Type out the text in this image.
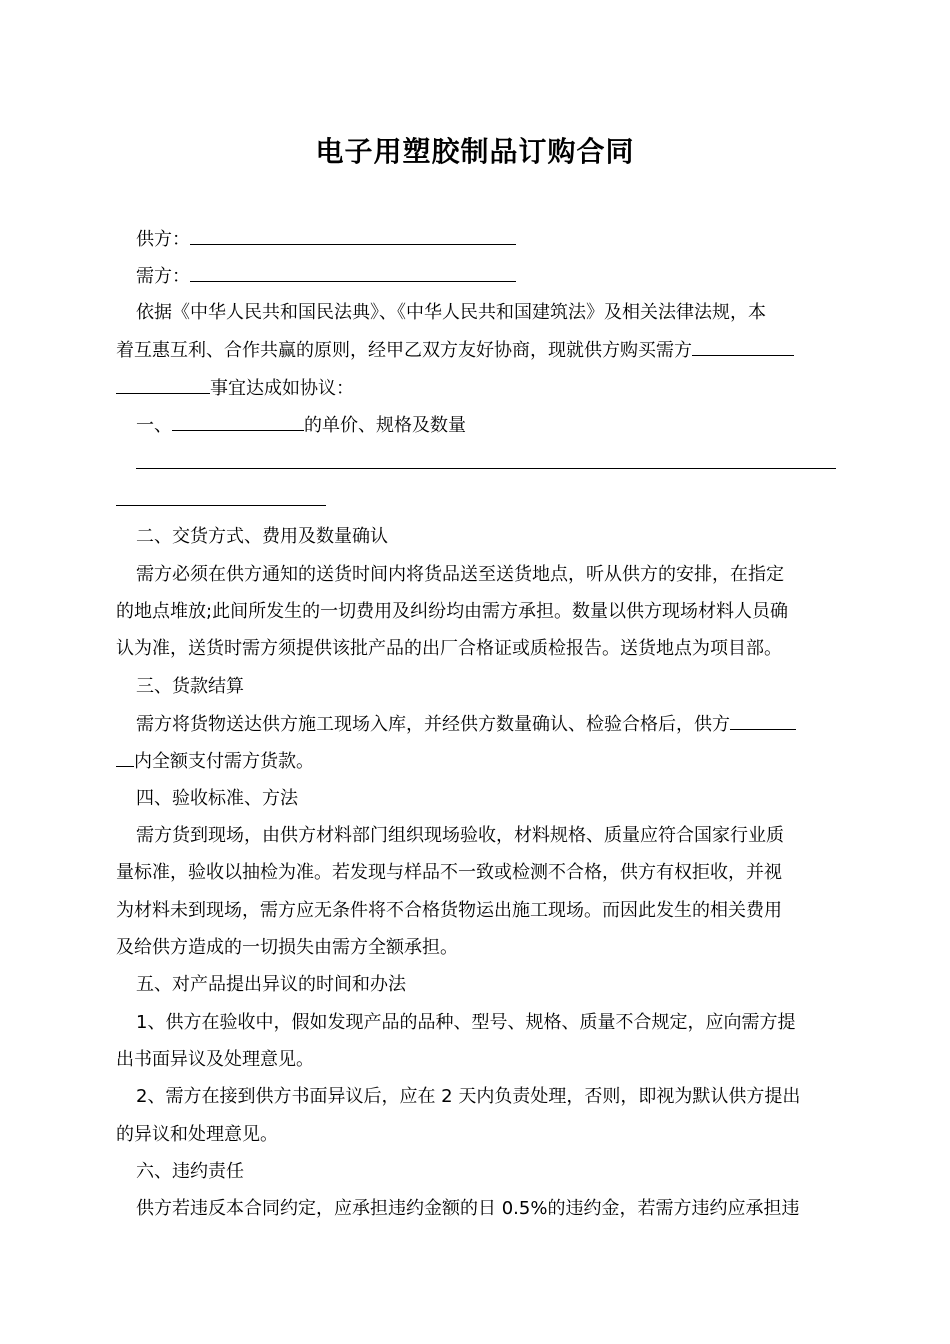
电子用塑胶制品订购合同
供方：
需方：
依据《中华人民共和国民法典》、《中华人民共和国建筑法》及相关法律法规，本
着互惠互利、合作共赢的原则，经甲乙双方友好协商，现就供方购买需方
事宜达成如协议：
一、	的单价、规格及数量
二、交货方式、费用及数量确认
需方必须在供方通知的送货时间内将货品送至送货地点，听从供方的安排，在指定
的地点堆放;此间所发生的一切费用及纠纷均由需方承担。数量以供方现场材料人员确
认为准，送货时需方须提供该批产品的出厂合格证或质检报告。送货地点为项目部。
三、货款结算
需方将货物送达供方施工现场入库，并经供方数量确认、检验合格后，供方
内全额支付需方货款。
四、验收标准、方法
需方货到现场，由供方材料部门组织现场验收，材料规格、质量应符合国家行业质
量标准，验收以抽检为准。若发现与样品不一致或检测不合格，供方有权拒收，并视
为材料未到现场，需方应无条件将不合格货物运出施工现场。而因此发生的相关费用
及给供方造成的一切损失由需方全额承担。
五、对产品提出异议的时间和办法
1、供方在验收中，假如发现产品的品种、型号、规格、质量不合规定，应向需方提
出书面异议及处理意见。
2、需方在接到供方书面异议后，应在 2 天内负责处理，否则，即视为默认供方提出
的异议和处理意见。
六、违约责任
供方若违反本合同约定，应承担违约金额的日 0.5%的违约金，若需方违约应承担违
